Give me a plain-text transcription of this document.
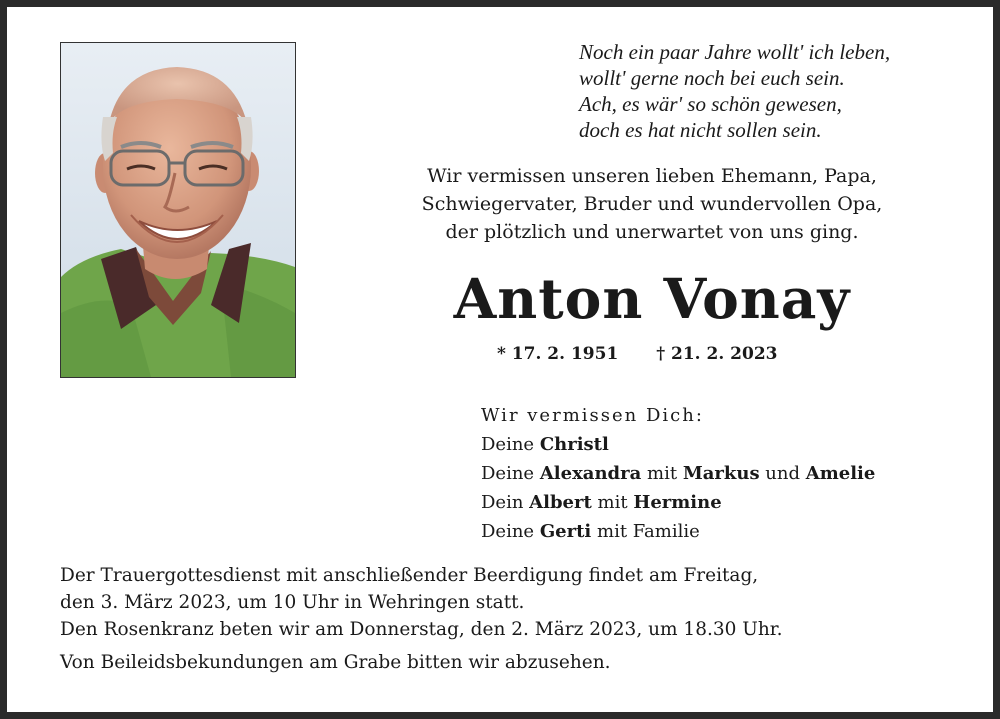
Noch ein paar Jahre wollt' ich leben,
wollt' gerne noch bei euch sein.
Ach, es wär' so schön gewesen,
doch es hat nicht sollen sein.
Wir vermissen unseren lieben Ehemann, Papa,
Schwiegervater, Bruder und wundervollen Opa,
der plötzlich und unerwartet von uns ging.
Anton Vonay
* 17. 2. 1951 † 21. 2. 2023
Wir vermissen Dich:
Deine Christl
Deine Alexandra mit Markus und Amelie
Dein Albert mit Hermine
Deine Gerti mit Familie
Der Trauergottesdienst mit anschließender Beerdigung findet am Freitag,
den 3. März 2023, um 10 Uhr in Wehringen statt.
Den Rosenkranz beten wir am Donnerstag, den 2. März 2023, um 18.30 Uhr.
Von Beileidsbekundungen am Grabe bitten wir abzusehen.
